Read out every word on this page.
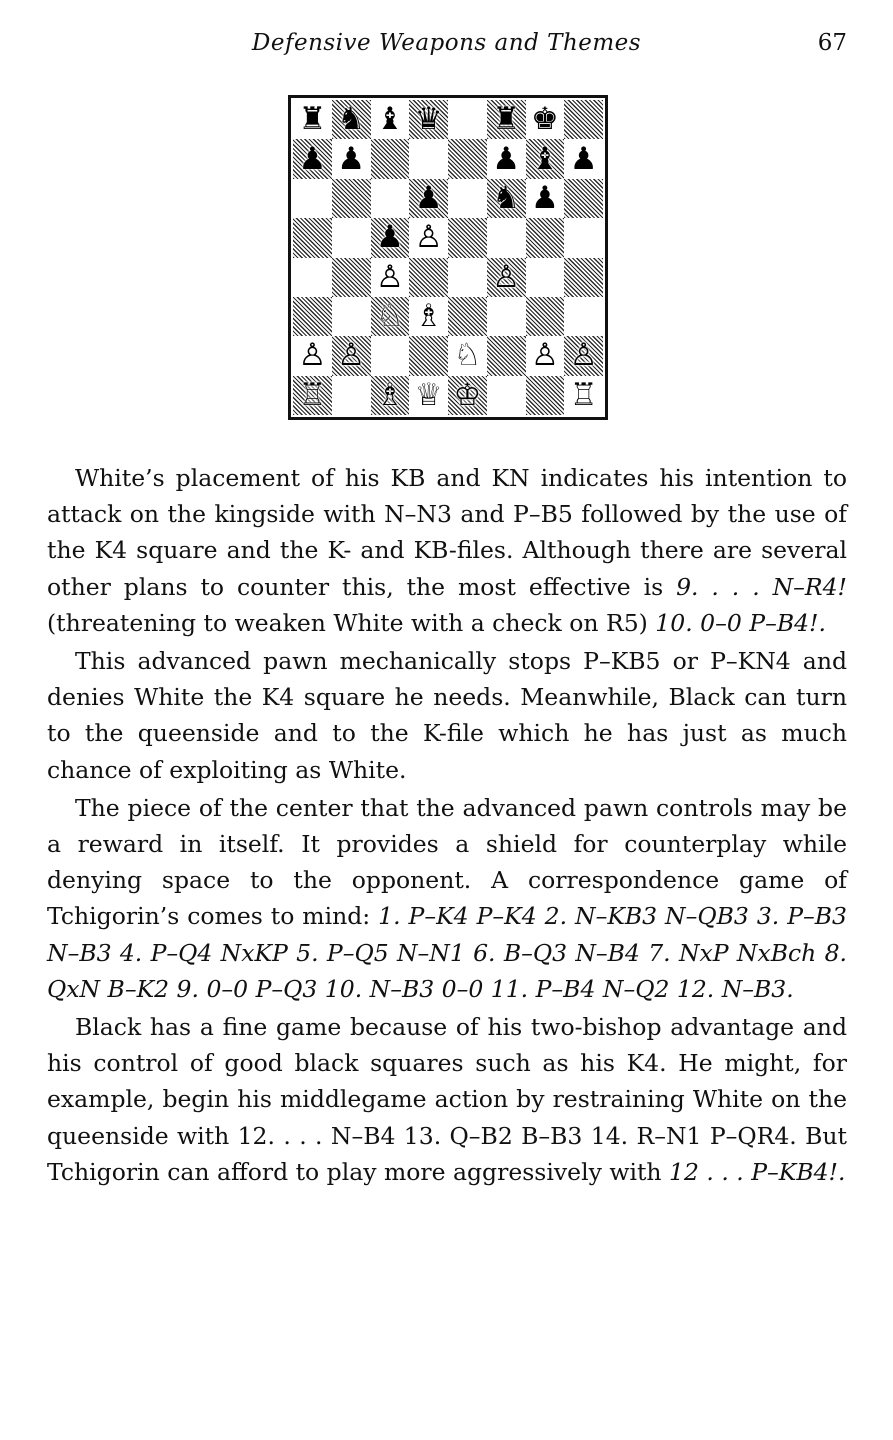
Defensive Weapons and Themes	67
♜ ♞ ♝ ♛ ♜ ♚
♟ ♟	♟ ♝ ♟
♟ ♞ ♟
♟ ♙
♙	♙
♘ ♗
♙ ♙	♘ ♙ ♙
♖ ♗ ♕ ♔	♖

White’s placement of his KB and KN indicates his intention to attack on the kingside with N–N3 and P–B5 followed by the use of the K4 square and the K- and KB-files. Although there are several other plans to counter this, the most effective is 9. . . . N–R4! (threatening to weaken White with a check on R5) 10. 0–0 P–B4!.

This advanced pawn mechanically stops P–KB5 or P–KN4 and denies White the K4 square he needs. Meanwhile, Black can turn to the queenside and to the K-file which he has just as much chance of exploiting as White.

The piece of the center that the advanced pawn controls may be a reward in itself. It provides a shield for counterplay while denying space to the opponent. A correspondence game of Tchigorin’s comes to mind: 1. P–K4 P–K4 2. N–KB3 N–QB3 3. P–B3 N–B3 4. P–Q4 NxKP 5. P–Q5 N–N1 6. B–Q3 N–B4 7. NxP NxBch 8. QxN B–K2 9. 0–0 P–Q3 10. N–B3 0–0 11. P–B4 N–Q2 12. N–B3.

Black has a fine game because of his two-bishop advantage and his control of good black squares such as his K4. He might, for example, begin his middlegame action by restraining White on the queenside with 12. . . . N–B4 13. Q–B2 B–B3 14. R–N1 P–QR4. But Tchigorin can afford to play more aggressively with 12 . . . P–KB4!.
